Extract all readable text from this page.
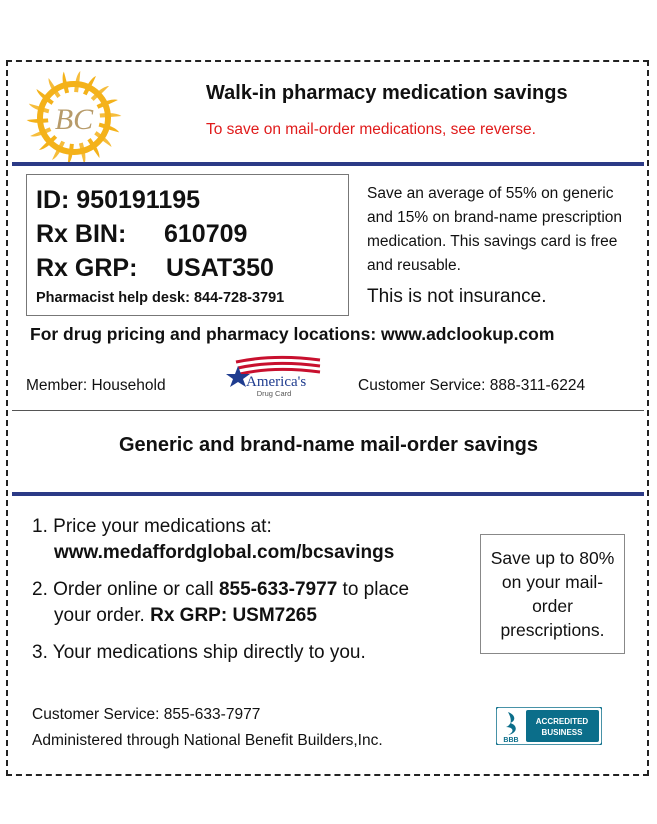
BC
Walk-in pharmacy medication savings
To save on mail-order medications, see reverse.
ID: 950191195
Rx BIN: 610709
Rx GRP: USAT350
Pharmacist help desk: 844-728-3791
Save an average of 55% on generic and 15% on brand-name prescription medication. This savings card is free and reusable.
This is not insurance.
For drug pricing and pharmacy locations: www.adclookup.com
Member: Household	America's
Drug Card	Customer Service: 888-311-6224
Generic and brand-name mail-order savings
1. Price your medications at:
www.medaffordglobal.com/bcsavings
2. Order online or call 855-633-7977 to place
your order. Rx GRP: USM7265
3. Your medications ship directly to you.
Save up to 80% on your mail-order prescriptions.
Customer Service: 855-633-7977
Administered through National Benefit Builders,Inc.	BBB
ACCREDITED
BUSINESS
